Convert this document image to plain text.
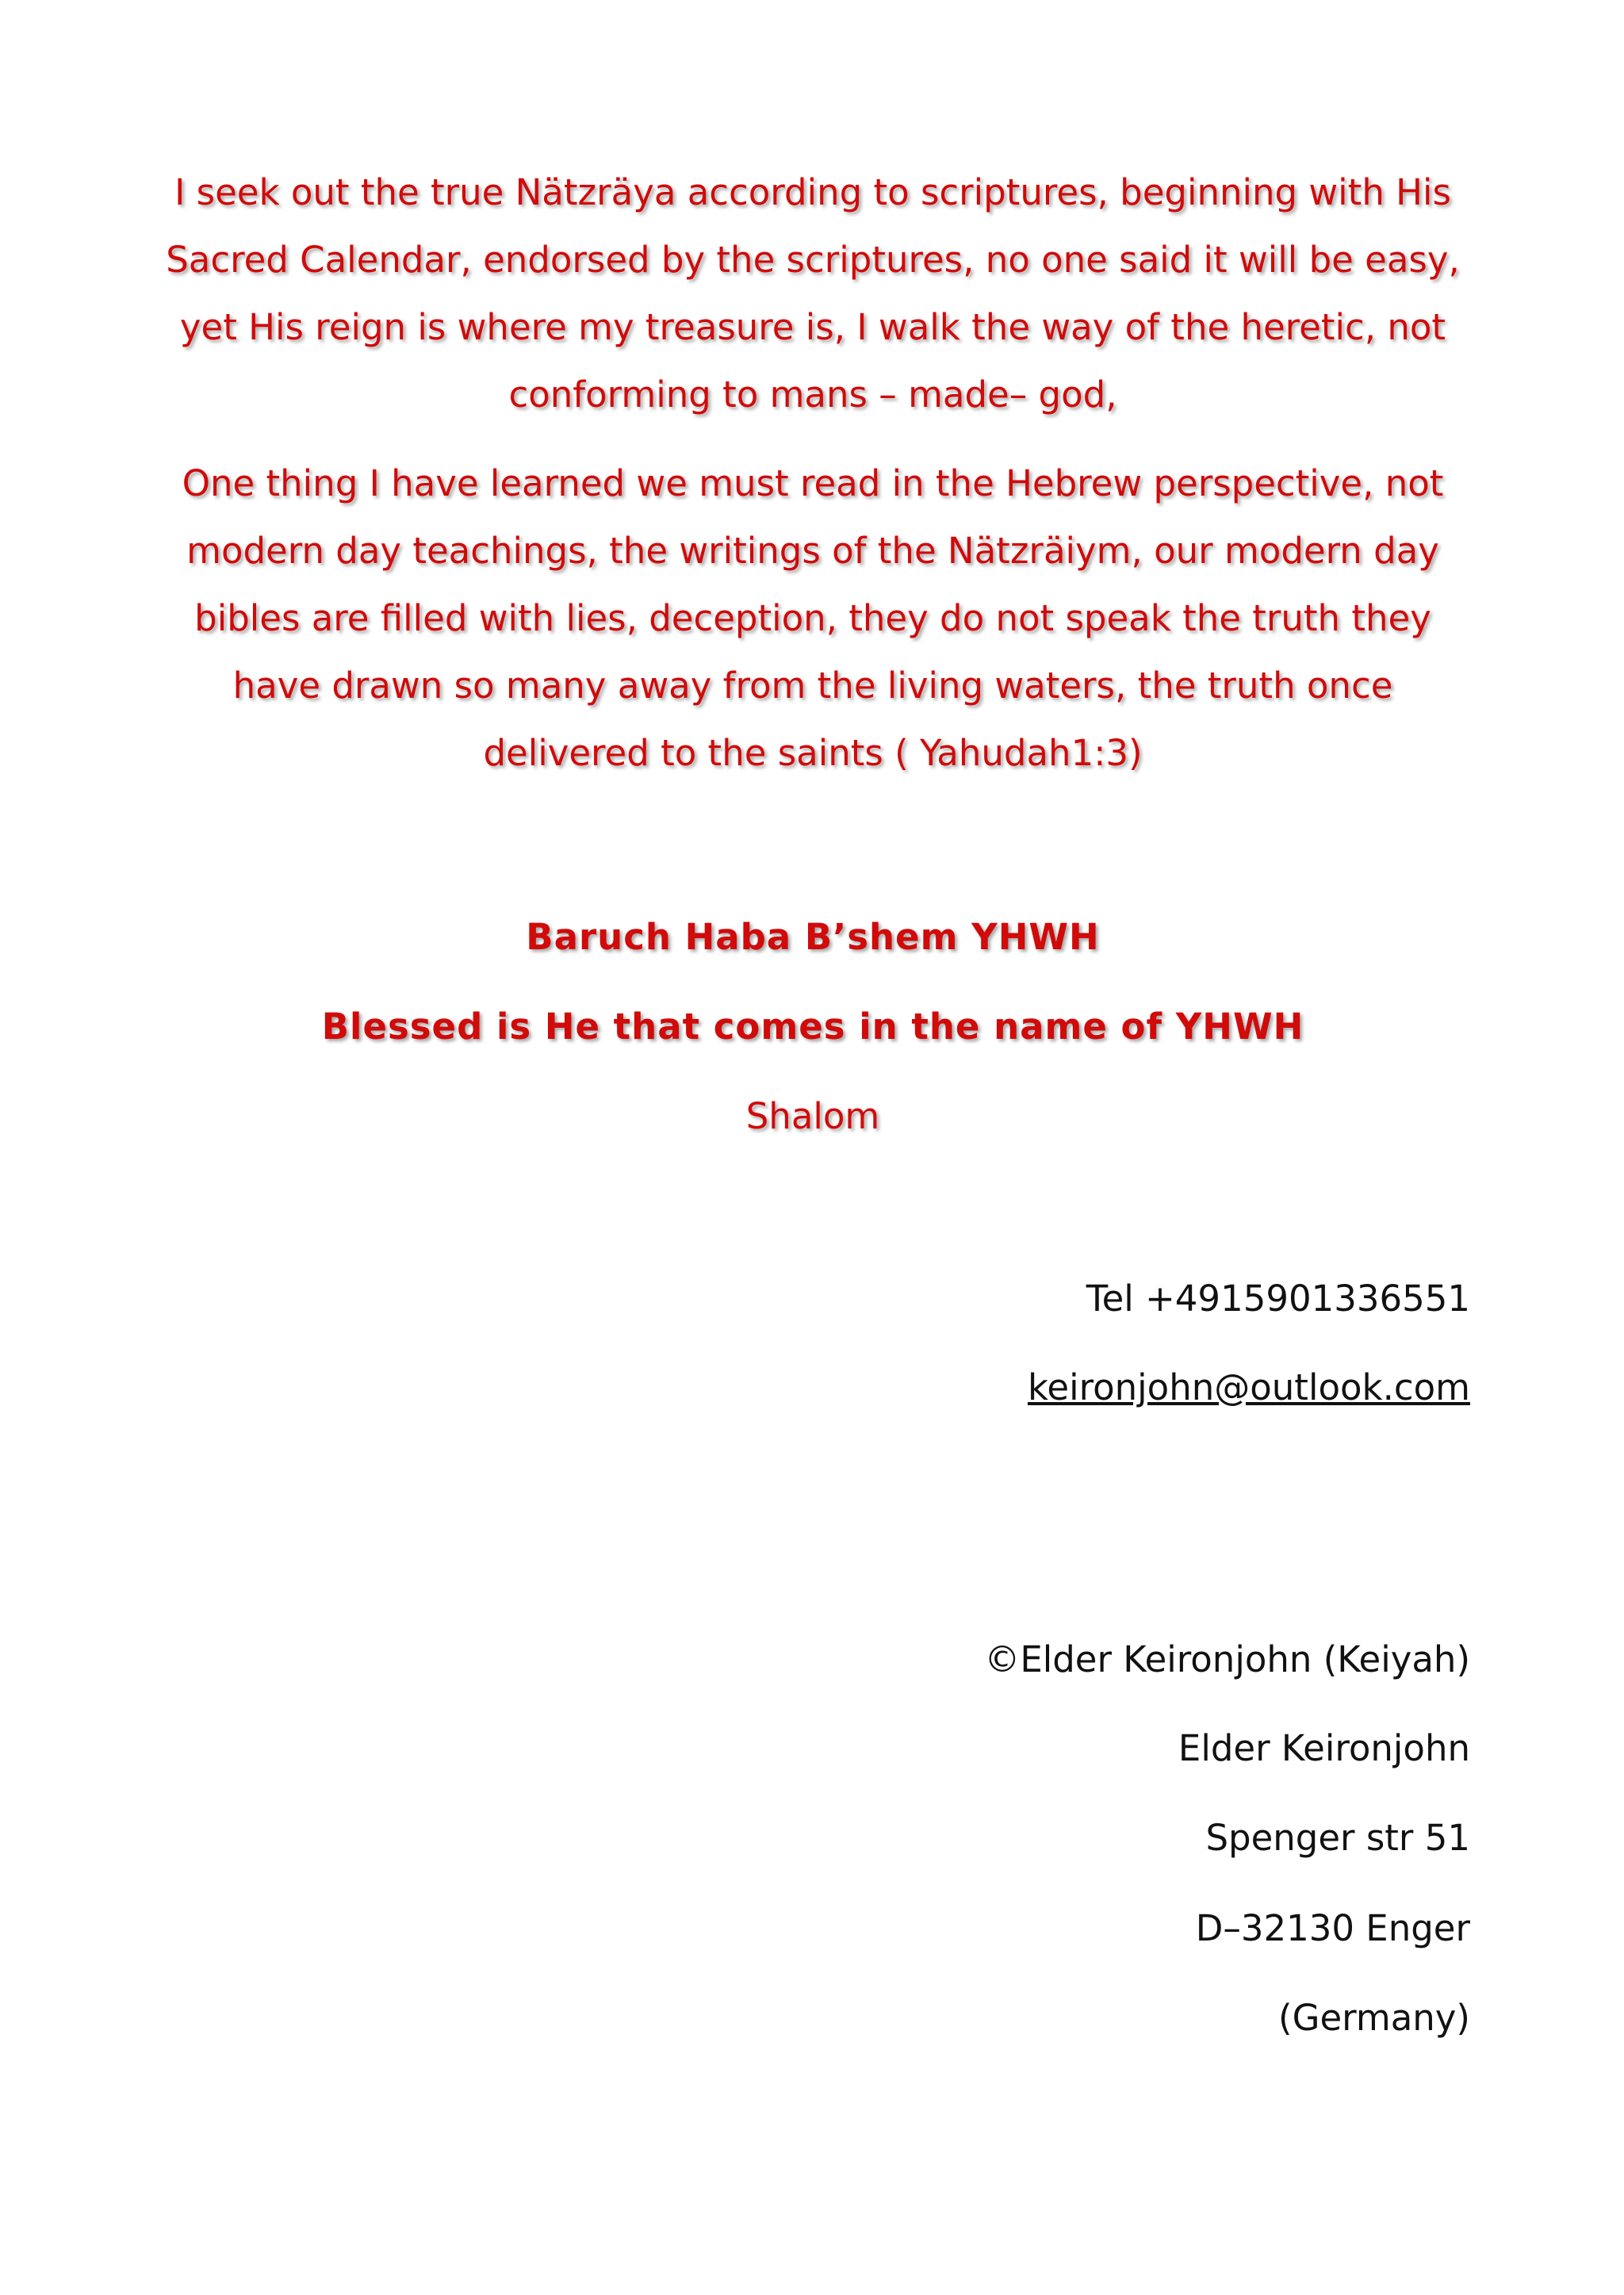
I seek out the true Nätzräya according to scriptures, beginning with His Sacred Calendar, endorsed by the scriptures, no one said it will be easy, yet His reign is where my treasure is, I walk the way of the heretic, not conforming to mans – made– god,

One thing I have learned we must read in the Hebrew perspective, not modern day teachings, the writings of the Nätzräiym, our modern day bibles are filled with lies, deception, they do not speak the truth they have drawn so many away from the living waters, the truth once delivered to the saints ( Yahudah1:3)

Baruch Haba B’shem YHWH

Blessed is He that comes in the name of YHWH

Shalom

Tel +4915901336551

keironjohn@outlook.com

©Elder Keironjohn (Keiyah)

Elder Keironjohn

Spenger str 51

D–32130 Enger

(Germany)
